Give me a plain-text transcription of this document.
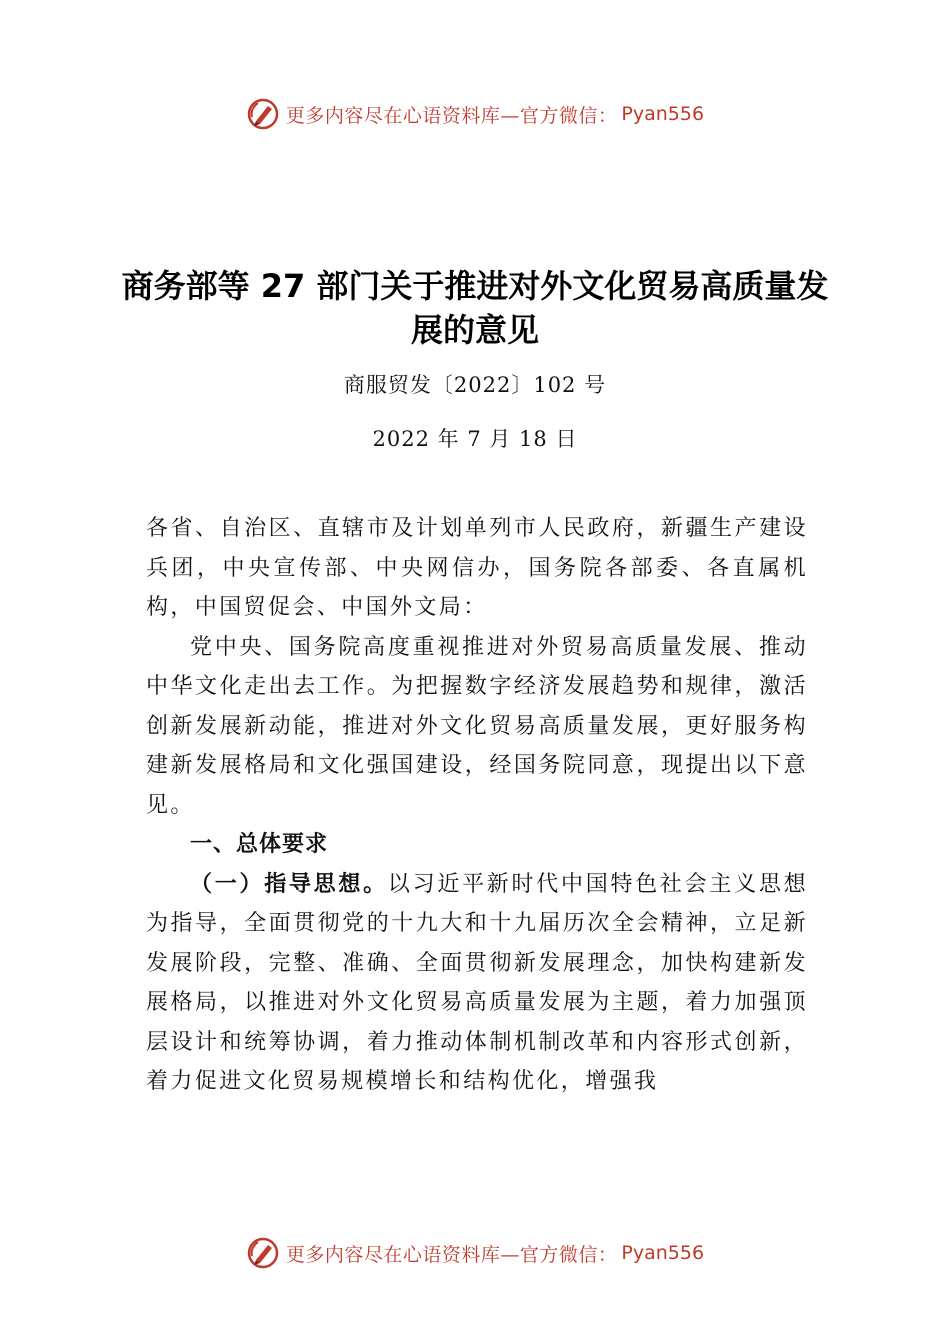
更多内容尽在心语资料库—官方微信： Pyan556
商务部等 27 部门关于推进对外文化贸易高质量发展的意见
商服贸发〔2022〕102 号
2022 年 7 月 18 日

各省、自治区、直辖市及计划单列市人民政府，新疆生产建设兵团，中央宣传部、中央网信办，国务院各部委、各直属机构，中国贸促会、中国外文局：

党中央、国务院高度重视推进对外贸易高质量发展、推动中华文化走出去工作。为把握数字经济发展趋势和规律，激活创新发展新动能，推进对外文化贸易高质量发展，更好服务构建新发展格局和文化强国建设，经国务院同意，现提出以下意见。

一、总体要求

（一）指导思想。以习近平新时代中国特色社会主义思想为指导，全面贯彻党的十九大和十九届历次全会精神，立足新发展阶段，完整、准确、全面贯彻新发展理念，加快构建新发展格局，以推进对外文化贸易高质量发展为主题，着力加强顶层设计和统筹协调，着力推动体制机制改革和内容形式创新，着力促进文化贸易规模增长和结构优化，增强我

更多内容尽在心语资料库—官方微信： Pyan556
